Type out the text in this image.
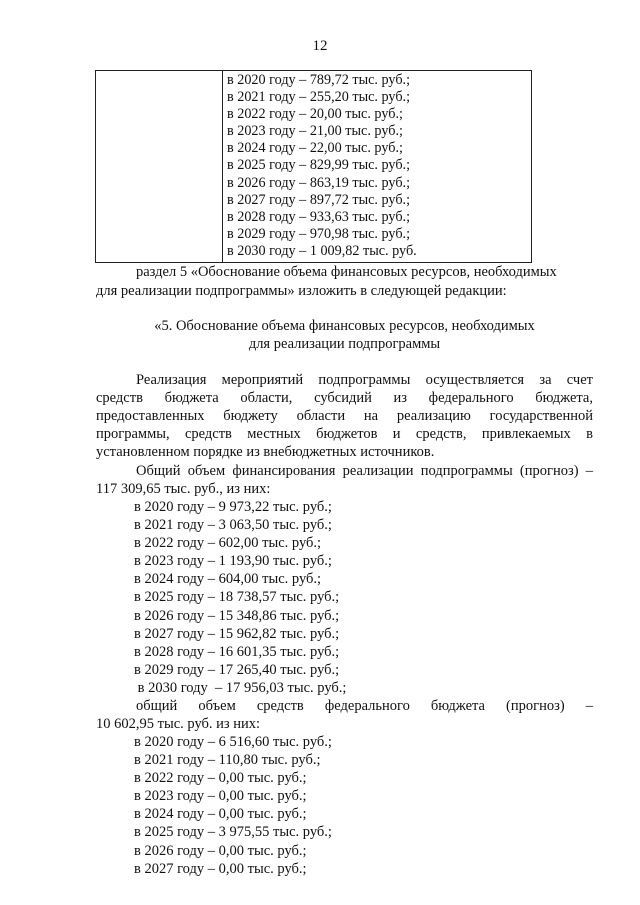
12
в 2020 году – 789,72 тыс. руб.;
в 2021 году – 255,20 тыс. руб.;
в 2022 году – 20,00 тыс. руб.;
в 2023 году – 21,00 тыс. руб.;
в 2024 году – 22,00 тыс. руб.;
в 2025 году – 829,99 тыс. руб.;
в 2026 году – 863,19 тыс. руб.;
в 2027 году – 897,72 тыс. руб.;
в 2028 году – 933,63 тыс. руб.;
в 2029 году – 970,98 тыс. руб.;
в 2030 году – 1 009,82 тыс. руб.
раздел 5 «Обоснование объема финансовых ресурсов, необходимых
для реализации подпрограммы» изложить в следующей редакции:
«5. Обоснование объема финансовых ресурсов, необходимых
для реализации подпрограммы
Реализация мероприятий подпрограммы осуществляется за счет
средств бюджета области, субсидий из федерального бюджета,
предоставленных бюджету области на реализацию государственной
программы, средств местных бюджетов и средств, привлекаемых в
установленном порядке из внебюджетных источников.
Общий объем финансирования реализации подпрограммы (прогноз) –
117 309,65 тыс. руб., из них:
в 2020 году – 9 973,22 тыс. руб.;
в 2021 году – 3 063,50 тыс. руб.;
в 2022 году – 602,00 тыс. руб.;
в 2023 году – 1 193,90 тыс. руб.;
в 2024 году – 604,00 тыс. руб.;
в 2025 году – 18 738,57 тыс. руб.;
в 2026 году – 15 348,86 тыс. руб.;
в 2027 году – 15 962,82 тыс. руб.;
в 2028 году – 16 601,35 тыс. руб.;
в 2029 году – 17 265,40 тыс. руб.;
в 2030 году  – 17 956,03 тыс. руб.;
общий объем средств федерального бюджета (прогноз) –
10 602,95 тыс. руб. из них:
в 2020 году – 6 516,60 тыс. руб.;
в 2021 году – 110,80 тыс. руб.;
в 2022 году – 0,00 тыс. руб.;
в 2023 году – 0,00 тыс. руб.;
в 2024 году – 0,00 тыс. руб.;
в 2025 году – 3 975,55 тыс. руб.;
в 2026 году – 0,00 тыс. руб.;
в 2027 году – 0,00 тыс. руб.;
